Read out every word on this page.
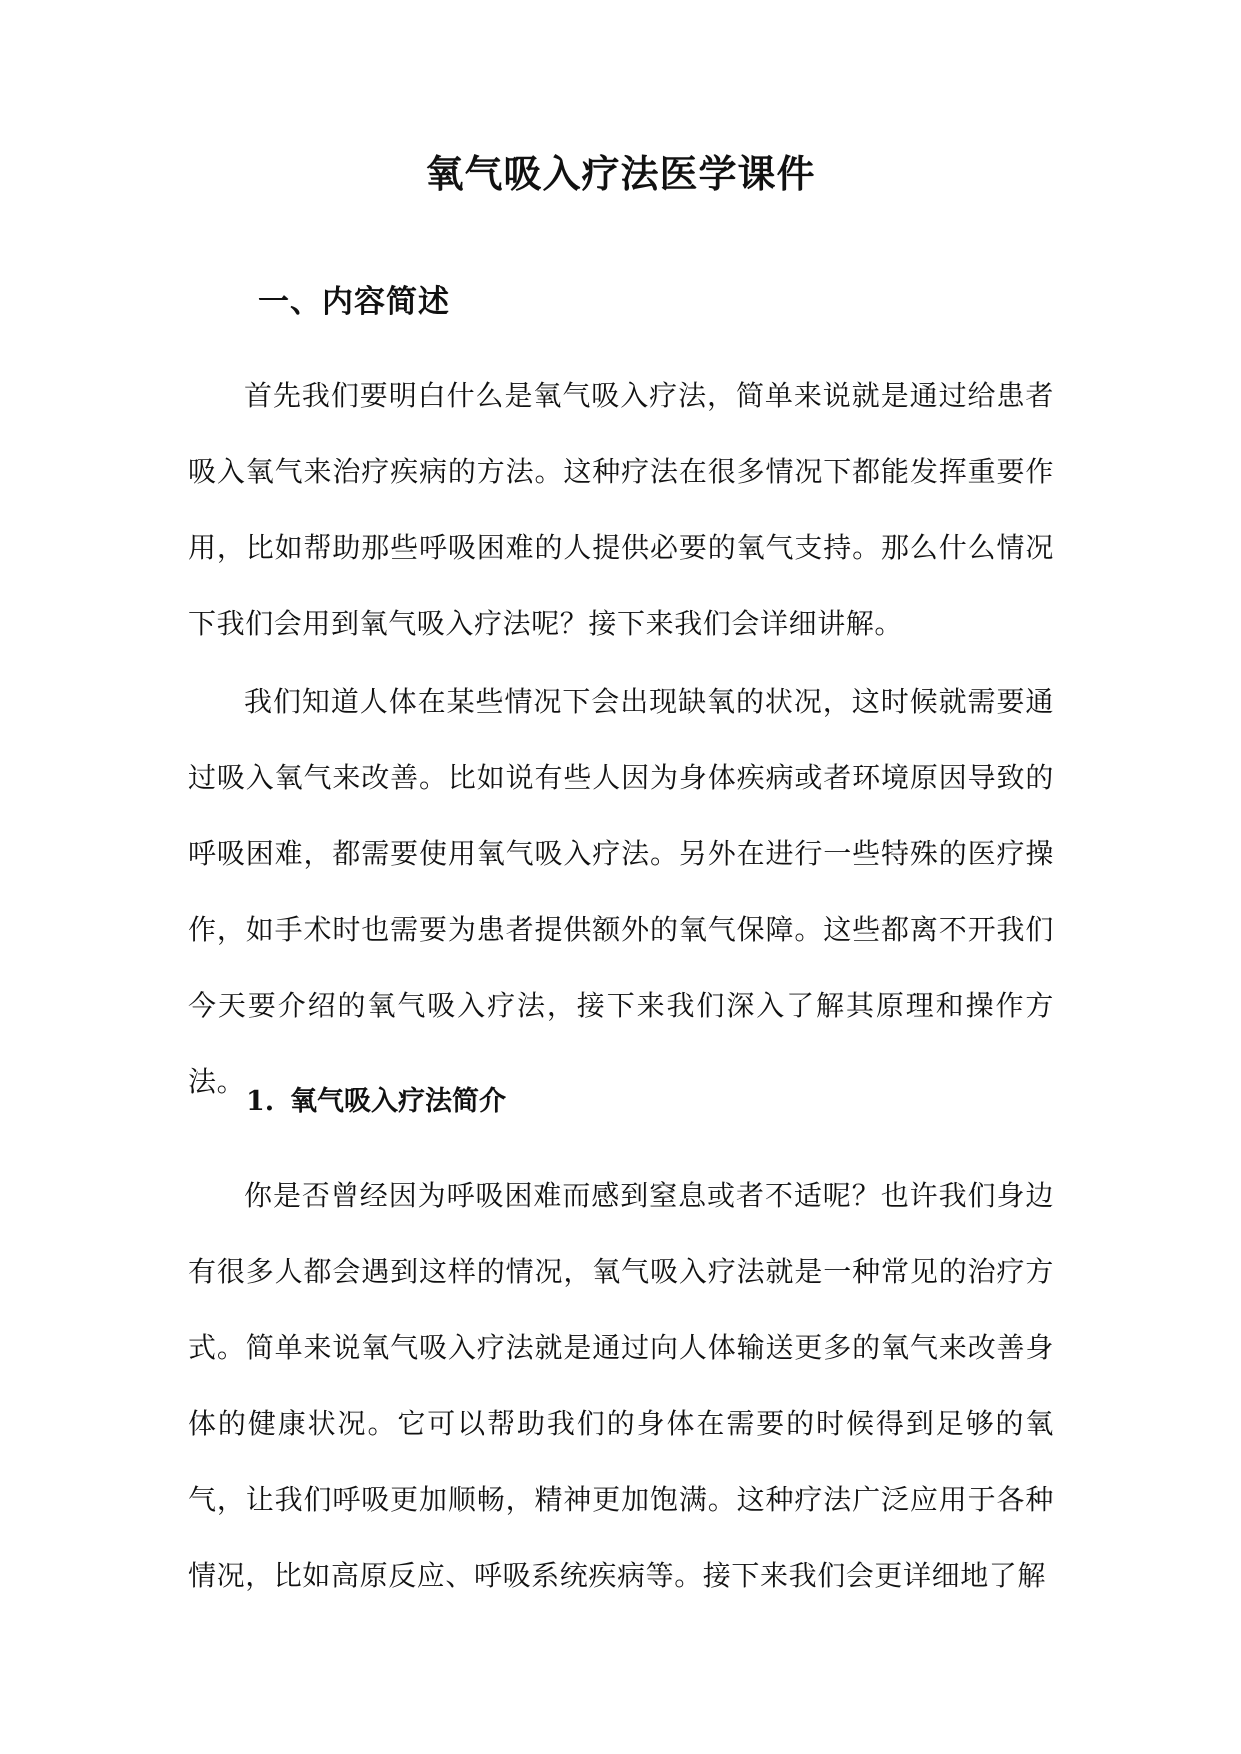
氧气吸入疗法医学课件
一、内容简述

首先我们要明白什么是氧气吸入疗法，简单来说就是通过给患者吸入氧气来治疗疾病的方法。这种疗法在很多情况下都能发挥重要作用，比如帮助那些呼吸困难的人提供必要的氧气支持。那么什么情况下我们会用到氧气吸入疗法呢？接下来我们会详细讲解。

我们知道人体在某些情况下会出现缺氧的状况，这时候就需要通过吸入氧气来改善。比如说有些人因为身体疾病或者环境原因导致的呼吸困难，都需要使用氧气吸入疗法。另外在进行一些特殊的医疗操作，如手术时也需要为患者提供额外的氧气保障。这些都离不开我们今天要介绍的氧气吸入疗法，接下来我们深入了解其原理和操作方法。

1. 氧气吸入疗法简介

你是否曾经因为呼吸困难而感到窒息或者不适呢？也许我们身边有很多人都会遇到这样的情况，氧气吸入疗法就是一种常见的治疗方式。简单来说氧气吸入疗法就是通过向人体输送更多的氧气来改善身体的健康状况。它可以帮助我们的身体在需要的时候得到足够的氧气，让我们呼吸更加顺畅，精神更加饱满。这种疗法广泛应用于各种情况，比如高原反应、呼吸系统疾病等。接下来我们会更详细地了解
